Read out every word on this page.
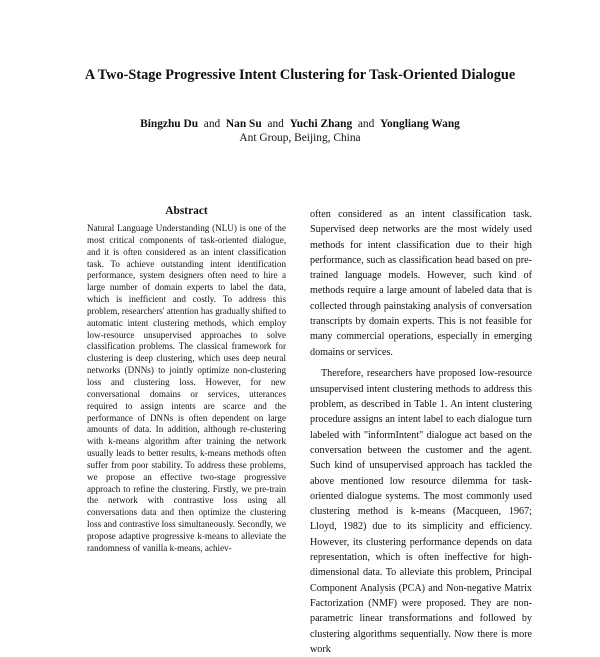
A Two-Stage Progressive Intent Clustering for Task-Oriented Dialogue
Bingzhu Du and Nan Su and Yuchi Zhang and Yongliang Wang
Ant Group, Beijing, China
Abstract

Natural Language Understanding (NLU) is one of the most critical components of task-oriented dialogue, and it is often considered as an intent classification task. To achieve outstanding intent identification performance, system designers often need to hire a large number of domain experts to label the data, which is inefficient and costly. To address this problem, researchers' attention has gradually shifted to automatic intent clustering methods, which employ low-resource unsupervised approaches to solve classification problems. The classical framework for clustering is deep clustering, which uses deep neural networks (DNNs) to jointly optimize non-clustering loss and clustering loss. However, for new conversational domains or services, utterances required to assign intents are scarce and the performance of DNNs is often dependent on large amounts of data. In addition, although re-clustering with k-means algorithm after training the network usually leads to better results, k-means methods often suffer from poor stability. To address these problems, we propose an effective two-stage progressive approach to refine the clustering. Firstly, we pre-train the network with contrastive loss using all conversations data and then optimize the clustering loss and contrastive loss simultaneously. Secondly, we propose adaptive progressive k-means to alleviate the randomness of vanilla k-means, achiev-

often considered as an intent classification task. Supervised deep networks are the most widely used methods for intent classification due to their high performance, such as classification head based on pre-trained language models. However, such kind of methods require a large amount of labeled data that is collected through painstaking analysis of conversation transcripts by domain experts. This is not feasible for many commercial operations, especially in emerging domains or services.

Therefore, researchers have proposed low-resource unsupervised intent clustering methods to address this problem, as described in Table 1. An intent clustering procedure assigns an intent label to each dialogue turn labeled with "informIntent" dialogue act based on the conversation between the customer and the agent. Such kind of unsupervised approach has tackled the above mentioned low resource dilemma for task-oriented dialogue systems. The most commonly used clustering method is k-means (Macqueen, 1967; Lloyd, 1982) due to its simplicity and efficiency. However, its clustering performance depends on data representation, which is often ineffective for high-dimensional data. To alleviate this problem, Principal Component Analysis (PCA) and Non-negative Matrix Factorization (NMF) were proposed. They are non-parametric linear transformations and followed by clustering algorithms sequentially. Now there is more work
